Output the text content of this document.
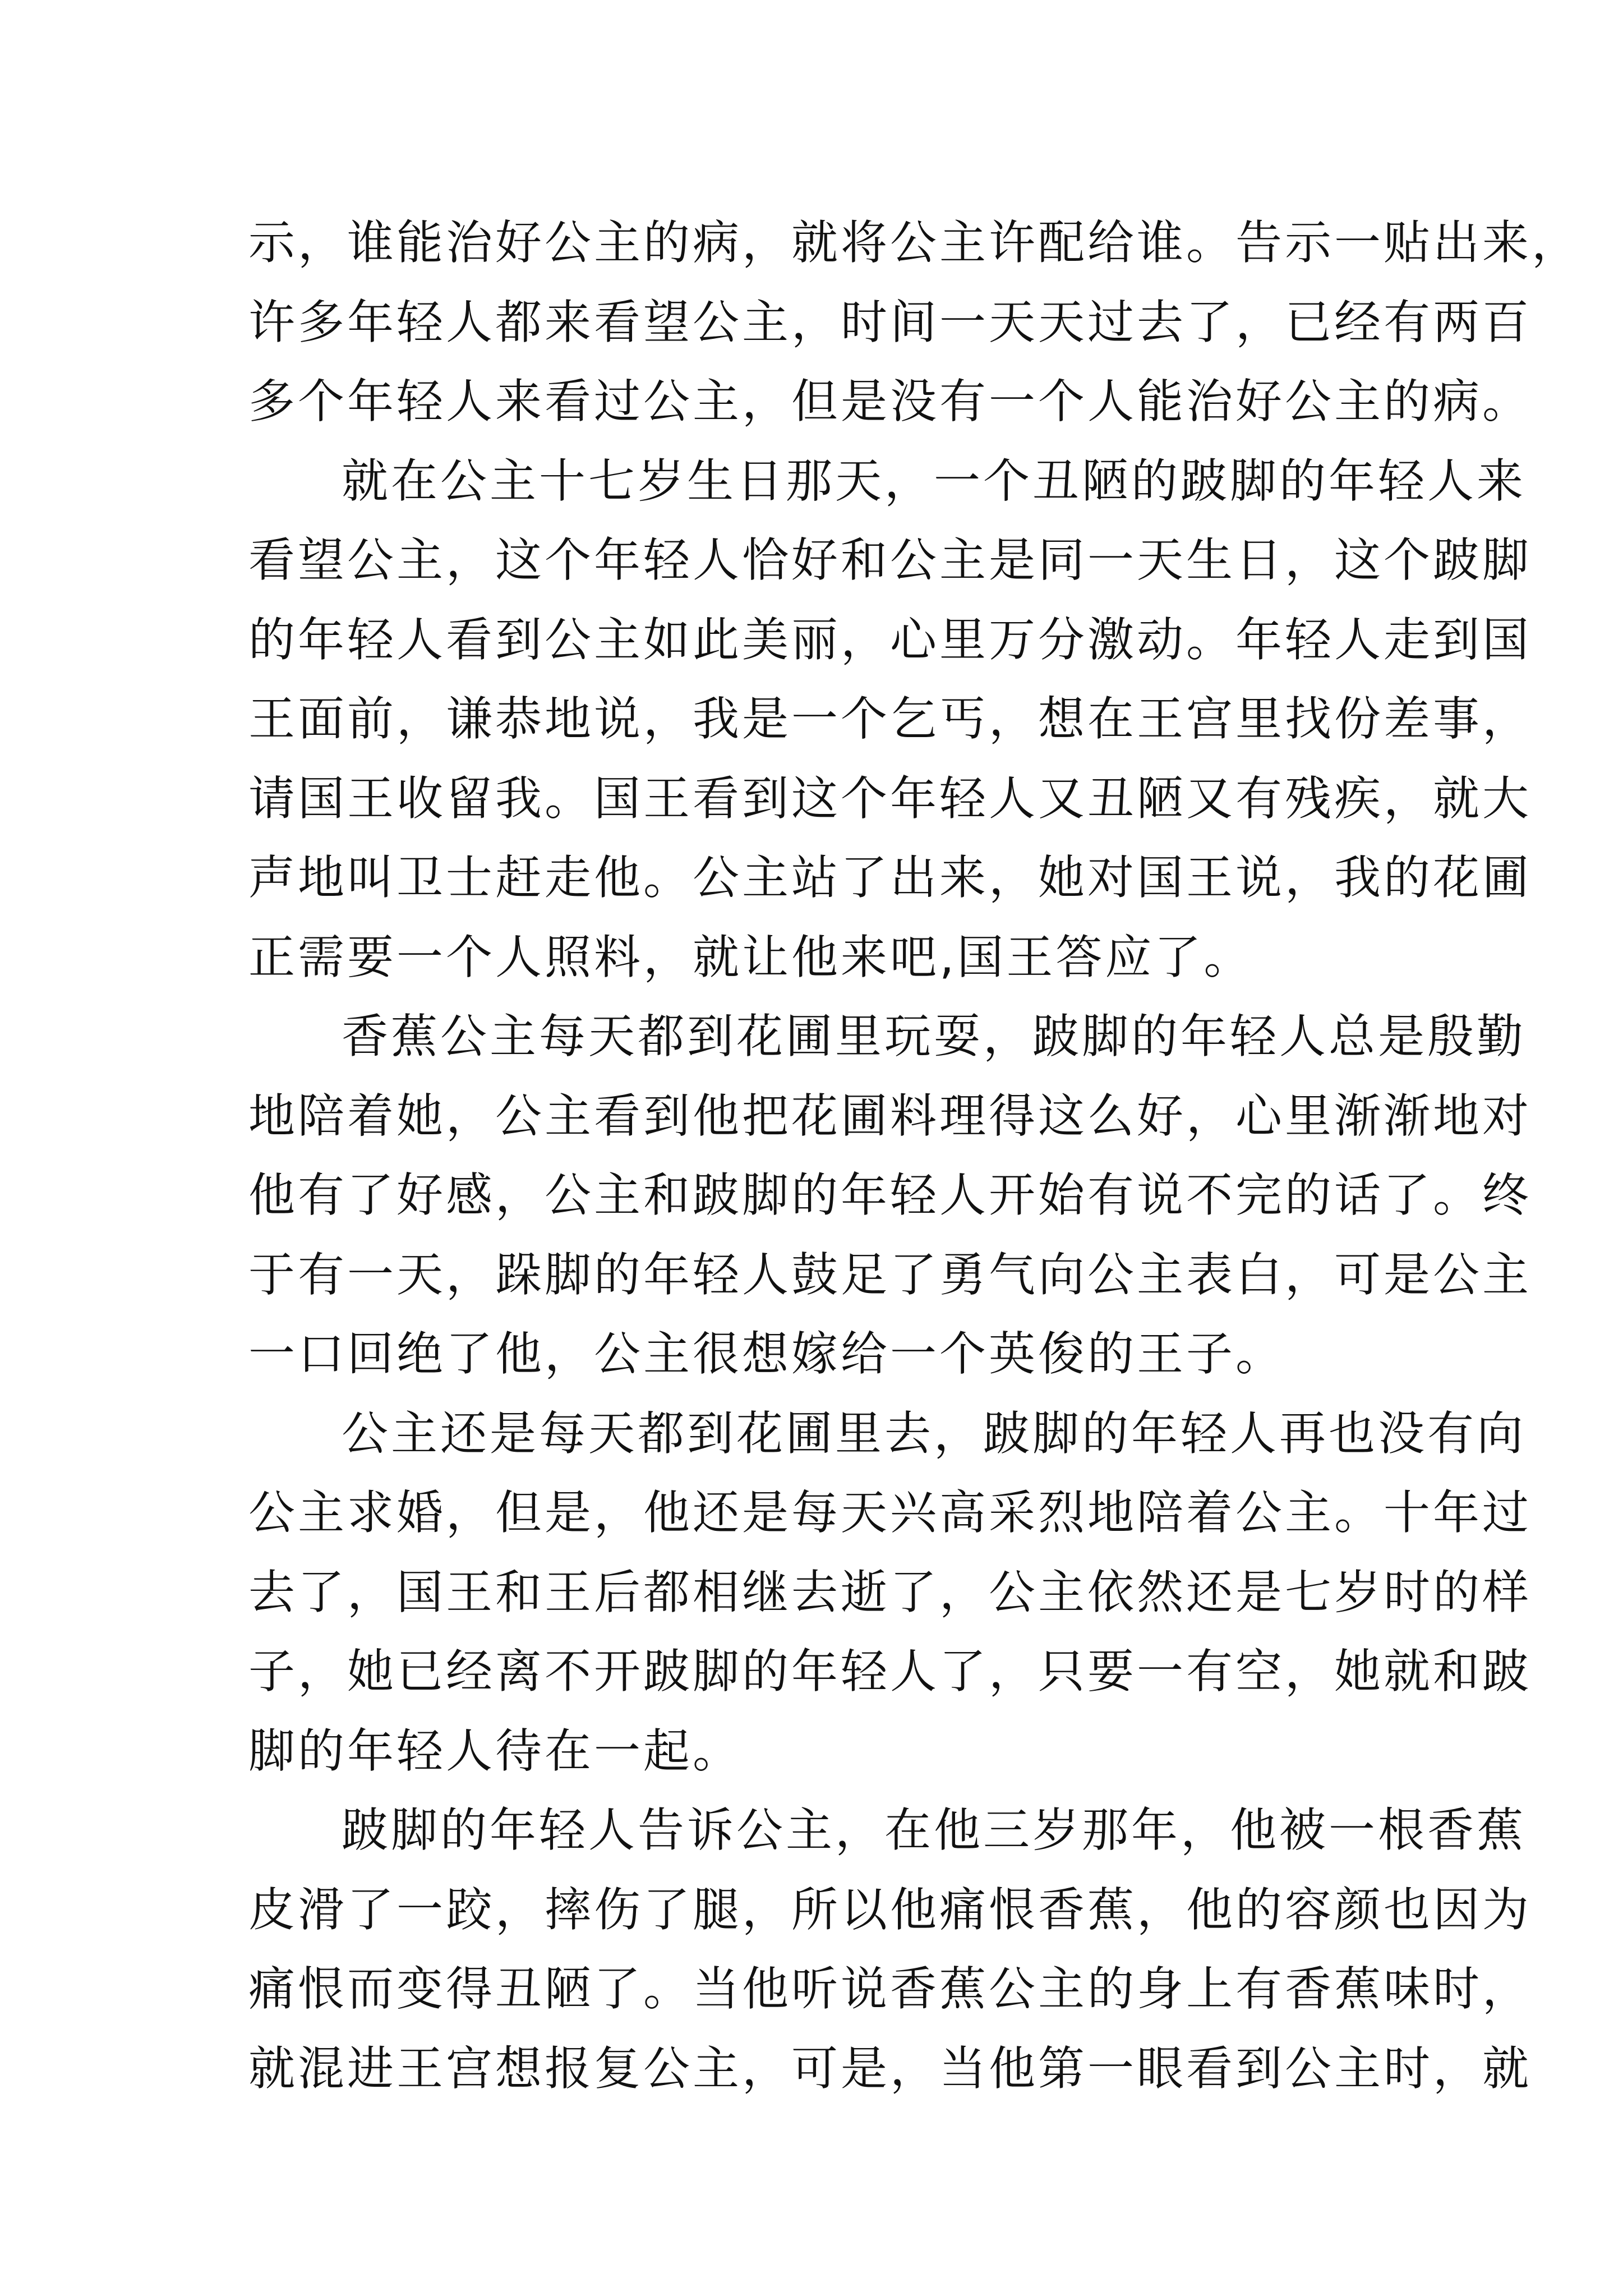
示，谁能治好公主的病，就将公主许配给谁。告示一贴出来，
许多年轻人都来看望公主，时间一天天过去了，已经有两百
多个年轻人来看过公主，但是没有一个人能治好公主的病。
就在公主十七岁生日那天，一个丑陋的跛脚的年轻人来
看望公主，这个年轻人恰好和公主是同一天生日，这个跛脚
的年轻人看到公主如此美丽，心里万分激动。年轻人走到国
王面前，谦恭地说，我是一个乞丐，想在王宫里找份差事，
请国王收留我。国王看到这个年轻人又丑陋又有残疾，就大
声地叫卫士赶走他。公主站了出来，她对国王说，我的花圃
正需要一个人照料，就让他来吧,国王答应了。
香蕉公主每天都到花圃里玩耍，跛脚的年轻人总是殷勤
地陪着她，公主看到他把花圃料理得这么好，心里渐渐地对
他有了好感，公主和跛脚的年轻人开始有说不完的话了。终
于有一天，跺脚的年轻人鼓足了勇气向公主表白，可是公主
一口回绝了他，公主很想嫁给一个英俊的王子。
公主还是每天都到花圃里去，跛脚的年轻人再也没有向
公主求婚，但是，他还是每天兴高采烈地陪着公主。十年过
去了，国王和王后都相继去逝了，公主依然还是七岁时的样
子，她已经离不开跛脚的年轻人了，只要一有空，她就和跛
脚的年轻人待在一起。
跛脚的年轻人告诉公主，在他三岁那年，他被一根香蕉
皮滑了一跤，摔伤了腿，所以他痛恨香蕉，他的容颜也因为
痛恨而变得丑陋了。当他听说香蕉公主的身上有香蕉味时，
就混进王宫想报复公主，可是，当他第一眼看到公主时，就
